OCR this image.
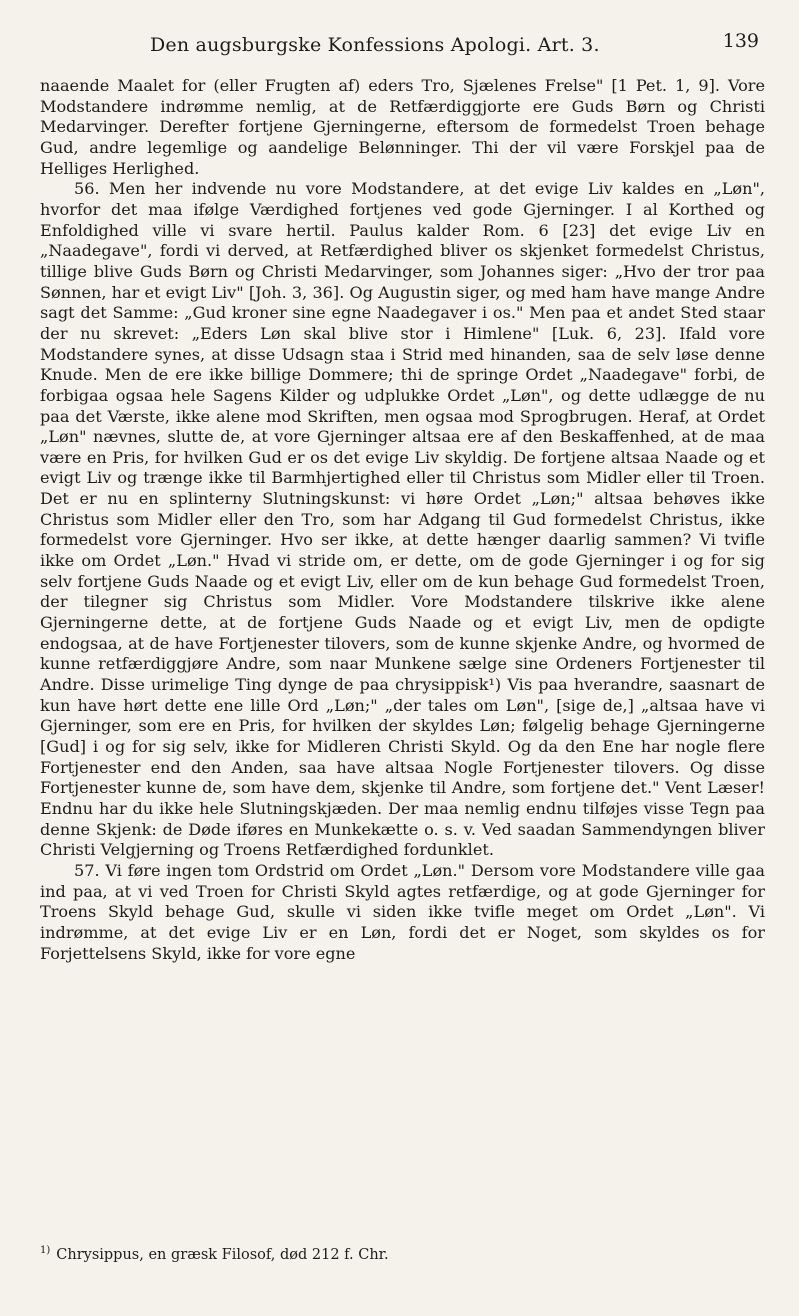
Den augsburgske Konfessions Apologi. Art. 3.	139

naaende Maalet for (eller Frugten af) eders Tro, Sjælenes Frelse" [1 Pet. 1, 9]. Vore Modstandere indrømme nemlig, at de Retfærdiggjorte ere Guds Børn og Christi Medarvinger. Derefter fortjene Gjerningerne, eftersom de formedelst Troen behage Gud, andre legemlige og aandelige Belønninger. Thi der vil være Forskjel paa de Helliges Herlighed.

56. Men her indvende nu vore Modstandere, at det evige Liv kaldes en „Løn", hvorfor det maa ifølge Værdighed fortjenes ved gode Gjerninger. I al Korthed og Enfoldighed ville vi svare hertil. Paulus kalder Rom. 6 [23] det evige Liv en „Naadegave", fordi vi derved, at Retfærdighed bliver os skjenket formedelst Christus, tillige blive Guds Børn og Christi Medarvinger, som Johannes siger: „Hvo der tror paa Sønnen, har et evigt Liv" [Joh. 3, 36]. Og Augustin siger, og med ham have mange Andre sagt det Samme: „Gud kroner sine egne Naadegaver i os." Men paa et andet Sted staar der nu skrevet: „Eders Løn skal blive stor i Himlene" [Luk. 6, 23]. Ifald vore Modstandere synes, at disse Udsagn staa i Strid med hinanden, saa de selv løse denne Knude. Men de ere ikke billige Dommere; thi de springe Ordet „Naadegave" forbi, de forbigaa ogsaa hele Sagens Kilder og udplukke Ordet „Løn", og dette udlægge de nu paa det Værste, ikke alene mod Skriften, men ogsaa mod Sprogbrugen. Heraf, at Ordet „Løn" nævnes, slutte de, at vore Gjerninger altsaa ere af den Beskaffenhed, at de maa være en Pris, for hvilken Gud er os det evige Liv skyldig. De fortjene altsaa Naade og et evigt Liv og trænge ikke til Barmhjertighed eller til Christus som Midler eller til Troen. Det er nu en splinterny Slutningskunst: vi høre Ordet „Løn;" altsaa behøves ikke Christus som Midler eller den Tro, som har Adgang til Gud formedelst Christus, ikke formedelst vore Gjerninger. Hvo ser ikke, at dette hænger daarlig sammen? Vi tvifle ikke om Ordet „Løn." Hvad vi stride om, er dette, om de gode Gjerninger i og for sig selv fortjene Guds Naade og et evigt Liv, eller om de kun behage Gud formedelst Troen, der tilegner sig Christus som Midler. Vore Modstandere tilskrive ikke alene Gjerningerne dette, at de fortjene Guds Naade og et evigt Liv, men de opdigte endogsaa, at de have Fortjenester tilovers, som de kunne skjenke Andre, og hvormed de kunne retfærdiggjøre Andre, som naar Munkene sælge sine Ordeners Fortjenester til Andre. Disse urimelige Ting dynge de paa chrysippisk¹) Vis paa hverandre, saasnart de kun have hørt dette ene lille Ord „Løn;" „der tales om Løn", [sige de,] „altsaa have vi Gjerninger, som ere en Pris, for hvilken der skyldes Løn; følgelig behage Gjerningerne [Gud] i og for sig selv, ikke for Midleren Christi Skyld. Og da den Ene har nogle flere Fortjenester end den Anden, saa have altsaa Nogle Fortjenester tilovers. Og disse Fortjenester kunne de, som have dem, skjenke til Andre, som fortjene det." Vent Læser! Endnu har du ikke hele Slutningskjæden. Der maa nemlig endnu tilføjes visse Tegn paa denne Skjenk: de Døde iføres en Munkekætte o. s. v. Ved saadan Sammendyngen bliver Christi Velgjerning og Troens Retfærdighed fordunklet.

57. Vi føre ingen tom Ordstrid om Ordet „Løn." Dersom vore Modstandere ville gaa ind paa, at vi ved Troen for Christi Skyld agtes retfærdige, og at gode Gjerninger for Troens Skyld behage Gud, skulle vi siden ikke tvifle meget om Ordet „Løn". Vi indrømme, at det evige Liv er en Løn, fordi det er Noget, som skyldes os for Forjettelsens Skyld, ikke for vore egne

$^{1)}$ Chrysippus, en græsk Filosof, død 212 f. Chr.
